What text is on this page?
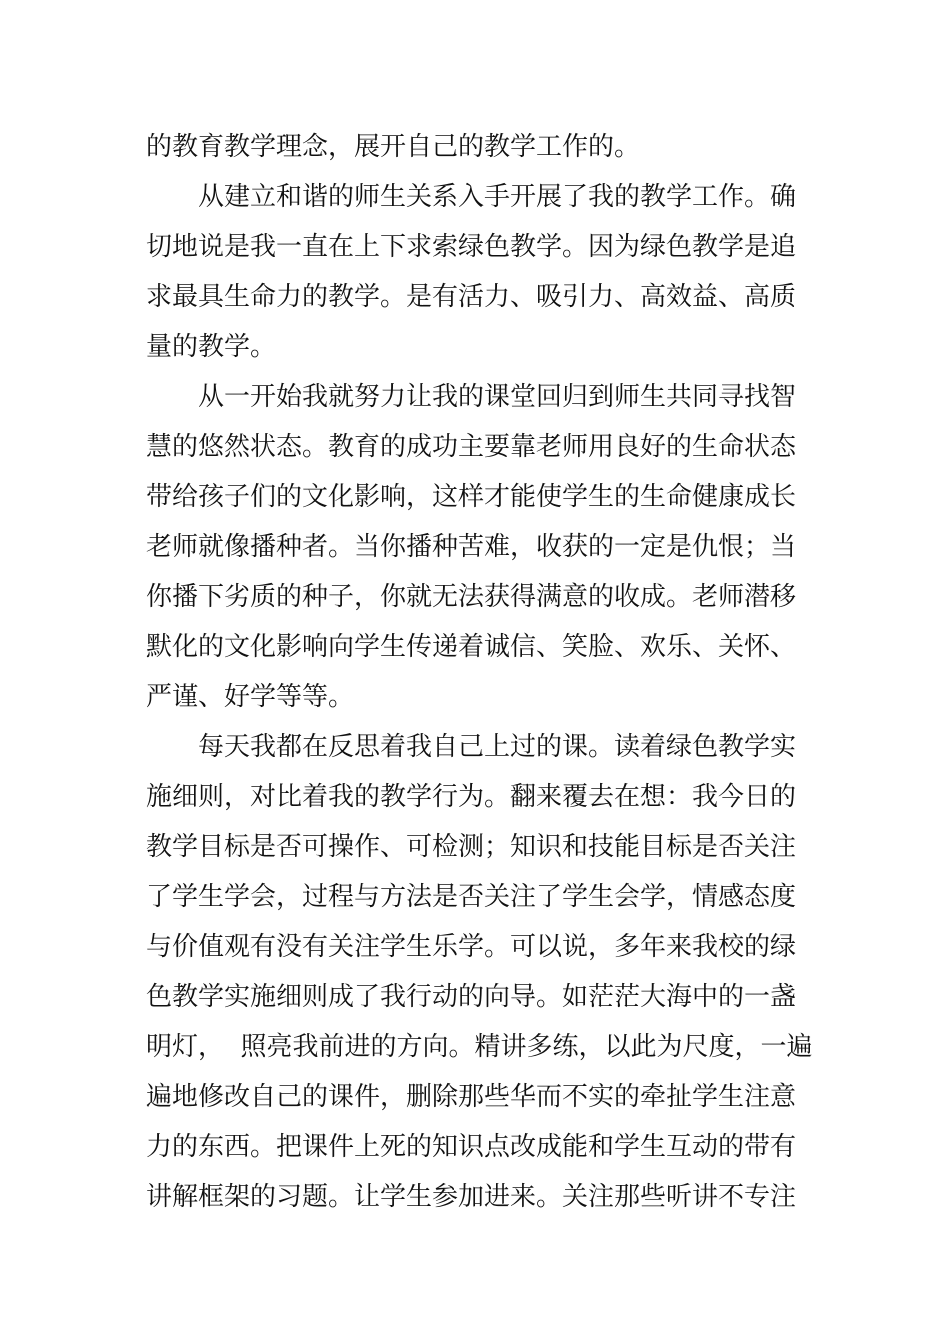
的教育教学理念，展开自己的教学工作的。
从建立和谐的师生关系入手开展了我的教学工作。确
切地说是我一直在上下求索绿色教学。因为绿色教学是追
求最具生命力的教学。是有活力、吸引力、高效益、高质
量的教学。
从一开始我就努力让我的课堂回归到师生共同寻找智
慧的悠然状态。教育的成功主要靠老师用良好的生命状态
带给孩子们的文化影响，这样才能使学生的生命健康成长
老师就像播种者。当你播种苦难，收获的一定是仇恨；当
你播下劣质的种子，你就无法获得满意的收成。老师潜移
默化的文化影响向学生传递着诚信、笑脸、欢乐、关怀、
严谨、好学等等。
每天我都在反思着我自己上过的课。读着绿色教学实
施细则，对比着我的教学行为。翻来覆去在想：我今日的
教学目标是否可操作、可检测；知识和技能目标是否关注
了学生学会，过程与方法是否关注了学生会学，情感态度
与价值观有没有关注学生乐学。可以说，多年来我校的绿
色教学实施细则成了我行动的向导。如茫茫大海中的一盏
明灯，  照亮我前进的方向。精讲多练，以此为尺度，一遍
遍地修改自己的课件，删除那些华而不实的牵扯学生注意
力的东西。把课件上死的知识点改成能和学生互动的带有
讲解框架的习题。让学生参加进来。关注那些听讲不专注
